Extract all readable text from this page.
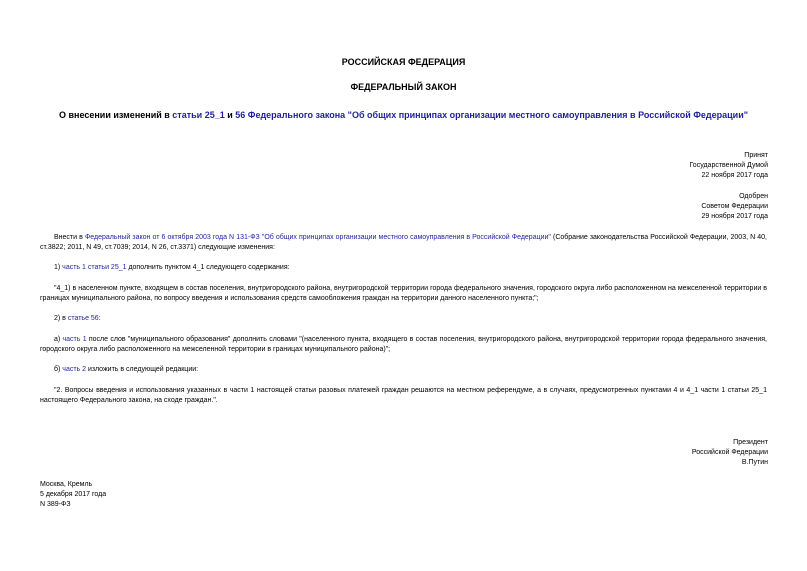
РОССИЙСКАЯ ФЕДЕРАЦИЯ
ФЕДЕРАЛЬНЫЙ ЗАКОН
О внесении изменений в статьи 25_1 и 56 Федерального закона "Об общих принципах организации местного самоуправления в Российской Федерации"
Принят
Государственной Думой
22 ноября 2017 года
Одобрен
Советом Федерации
29 ноября 2017 года
Внести в Федеральный закон от 6 октября 2003 года N 131-ФЗ "Об общих принципах организации местного самоуправления в Российской Федерации" (Собрание законодательства Российской Федерации, 2003, N 40, ст.3822; 2011, N 49, ст.7039; 2014, N 26, ст.3371) следующие изменения:
1) часть 1 статьи 25_1 дополнить пунктом 4_1 следующего содержания:
"4_1) в населенном пункте, входящем в состав поселения, внутригородского района, внутригородской территории города федерального значения, городского округа либо расположенном на межселенной территории в границах муниципального района, по вопросу введения и использования средств самообложения граждан на территории данного населенного пункта;";
2) в статье 56:
а) часть 1 после слов "муниципального образования" дополнить словами "(населенного пункта, входящего в состав поселения, внутригородского района, внутригородской территории города федерального значения, городского округа либо расположенного на межселенной территории в границах муниципального района)";
б) часть 2 изложить в следующей редакции:
"2. Вопросы введения и использования указанных в части 1 настоящей статьи разовых платежей граждан решаются на местном референдуме, а в случаях, предусмотренных пунктами 4 и 4_1 части 1 статьи 25_1 настоящего Федерального закона, на сходе граждан.".
Президент
Российской Федерации
В.Путин
Москва, Кремль
5 декабря 2017 года
N 389-ФЗ
